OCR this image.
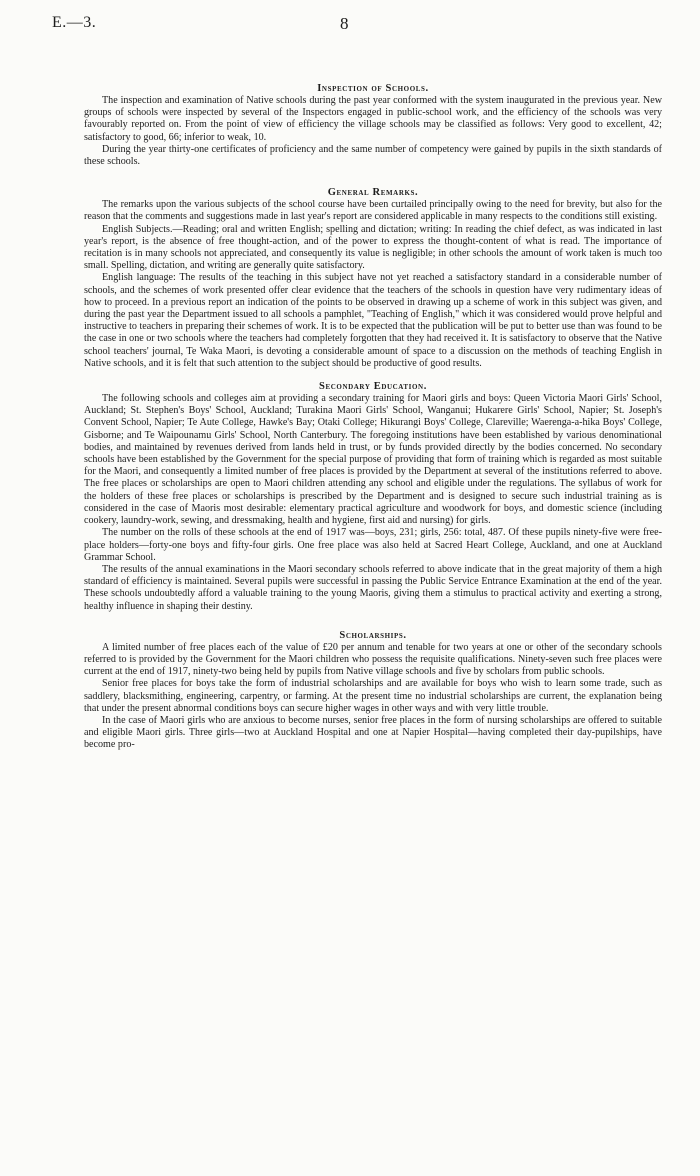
E.—3.	8
Inspection of Schools.

The inspection and examination of Native schools during the past year conformed with the system inaugurated in the previous year. New groups of schools were inspected by several of the Inspectors engaged in public-school work, and the efficiency of the schools was very favourably reported on. From the point of view of efficiency the village schools may be classified as follows: Very good to excellent, 42; satisfactory to good, 66; inferior to weak, 10.

During the year thirty-one certificates of proficiency and the same number of competency were gained by pupils in the sixth standards of these schools.

General Remarks.

The remarks upon the various subjects of the school course have been curtailed principally owing to the need for brevity, but also for the reason that the comments and suggestions made in last year's report are considered applicable in many respects to the conditions still existing.

English Subjects.—Reading; oral and written English; spelling and dictation; writing: In reading the chief defect, as was indicated in last year's report, is the absence of free thought-action, and of the power to express the thought-content of what is read. The importance of recitation is in many schools not appreciated, and consequently its value is negligible; in other schools the amount of work taken is much too small. Spelling, dictation, and writing are generally quite satisfactory.

English language: The results of the teaching in this subject have not yet reached a satisfactory standard in a considerable number of schools, and the schemes of work presented offer clear evidence that the teachers of the schools in question have very rudimentary ideas of how to proceed. In a previous report an indication of the points to be observed in drawing up a scheme of work in this subject was given, and during the past year the Department issued to all schools a pamphlet, "Teaching of English," which it was considered would prove helpful and instructive to teachers in preparing their schemes of work. It is to be expected that the publication will be put to better use than was found to be the case in one or two schools where the teachers had completely forgotten that they had received it. It is satisfactory to observe that the Native school teachers' journal, Te Waka Maori, is devoting a considerable amount of space to a discussion on the methods of teaching English in Native schools, and it is felt that such attention to the subject should be productive of good results.

Secondary Education.

The following schools and colleges aim at providing a secondary training for Maori girls and boys: Queen Victoria Maori Girls' School, Auckland; St. Stephen's Boys' School, Auckland; Turakina Maori Girls' School, Wanganui; Hukarere Girls' School, Napier; St. Joseph's Convent School, Napier; Te Aute College, Hawke's Bay; Otaki College; Hikurangi Boys' College, Clareville; Waerenga-a-hika Boys' College, Gisborne; and Te Waipounamu Girls' School, North Canterbury. The foregoing institutions have been established by various denominational bodies, and maintained by revenues derived from lands held in trust, or by funds provided directly by the bodies concerned. No secondary schools have been established by the Government for the special purpose of providing that form of training which is regarded as most suitable for the Maori, and consequently a limited number of free places is provided by the Department at several of the institutions referred to above. The free places or scholarships are open to Maori children attending any school and eligible under the regulations. The syllabus of work for the holders of these free places or scholarships is prescribed by the Department and is designed to secure such industrial training as is considered in the case of Maoris most desirable: elementary practical agriculture and woodwork for boys, and domestic science (including cookery, laundry-work, sewing, and dressmaking, health and hygiene, first aid and nursing) for girls.

The number on the rolls of these schools at the end of 1917 was—boys, 231; girls, 256: total, 487. Of these pupils ninety-five were free-place holders—forty-one boys and fifty-four girls. One free place was also held at Sacred Heart College, Auckland, and one at Auckland Grammar School.

The results of the annual examinations in the Maori secondary schools referred to above indicate that in the great majority of them a high standard of efficiency is maintained. Several pupils were successful in passing the Public Service Entrance Examination at the end of the year. These schools undoubtedly afford a valuable training to the young Maoris, giving them a stimulus to practical activity and exerting a strong, healthy influence in shaping their destiny.

Scholarships.

A limited number of free places each of the value of £20 per annum and tenable for two years at one or other of the secondary schools referred to is provided by the Government for the Maori children who possess the requisite qualifications. Ninety-seven such free places were current at the end of 1917, ninety-two being held by pupils from Native village schools and five by scholars from public schools.

Senior free places for boys take the form of industrial scholarships and are available for boys who wish to learn some trade, such as saddlery, blacksmithing, engineering, carpentry, or farming. At the present time no industrial scholarships are current, the explanation being that under the present abnormal conditions boys can secure higher wages in other ways and with very little trouble.

In the case of Maori girls who are anxious to become nurses, senior free places in the form of nursing scholarships are offered to suitable and eligible Maori girls. Three girls—two at Auckland Hospital and one at Napier Hospital—having completed their day-pupilships, have become pro-
